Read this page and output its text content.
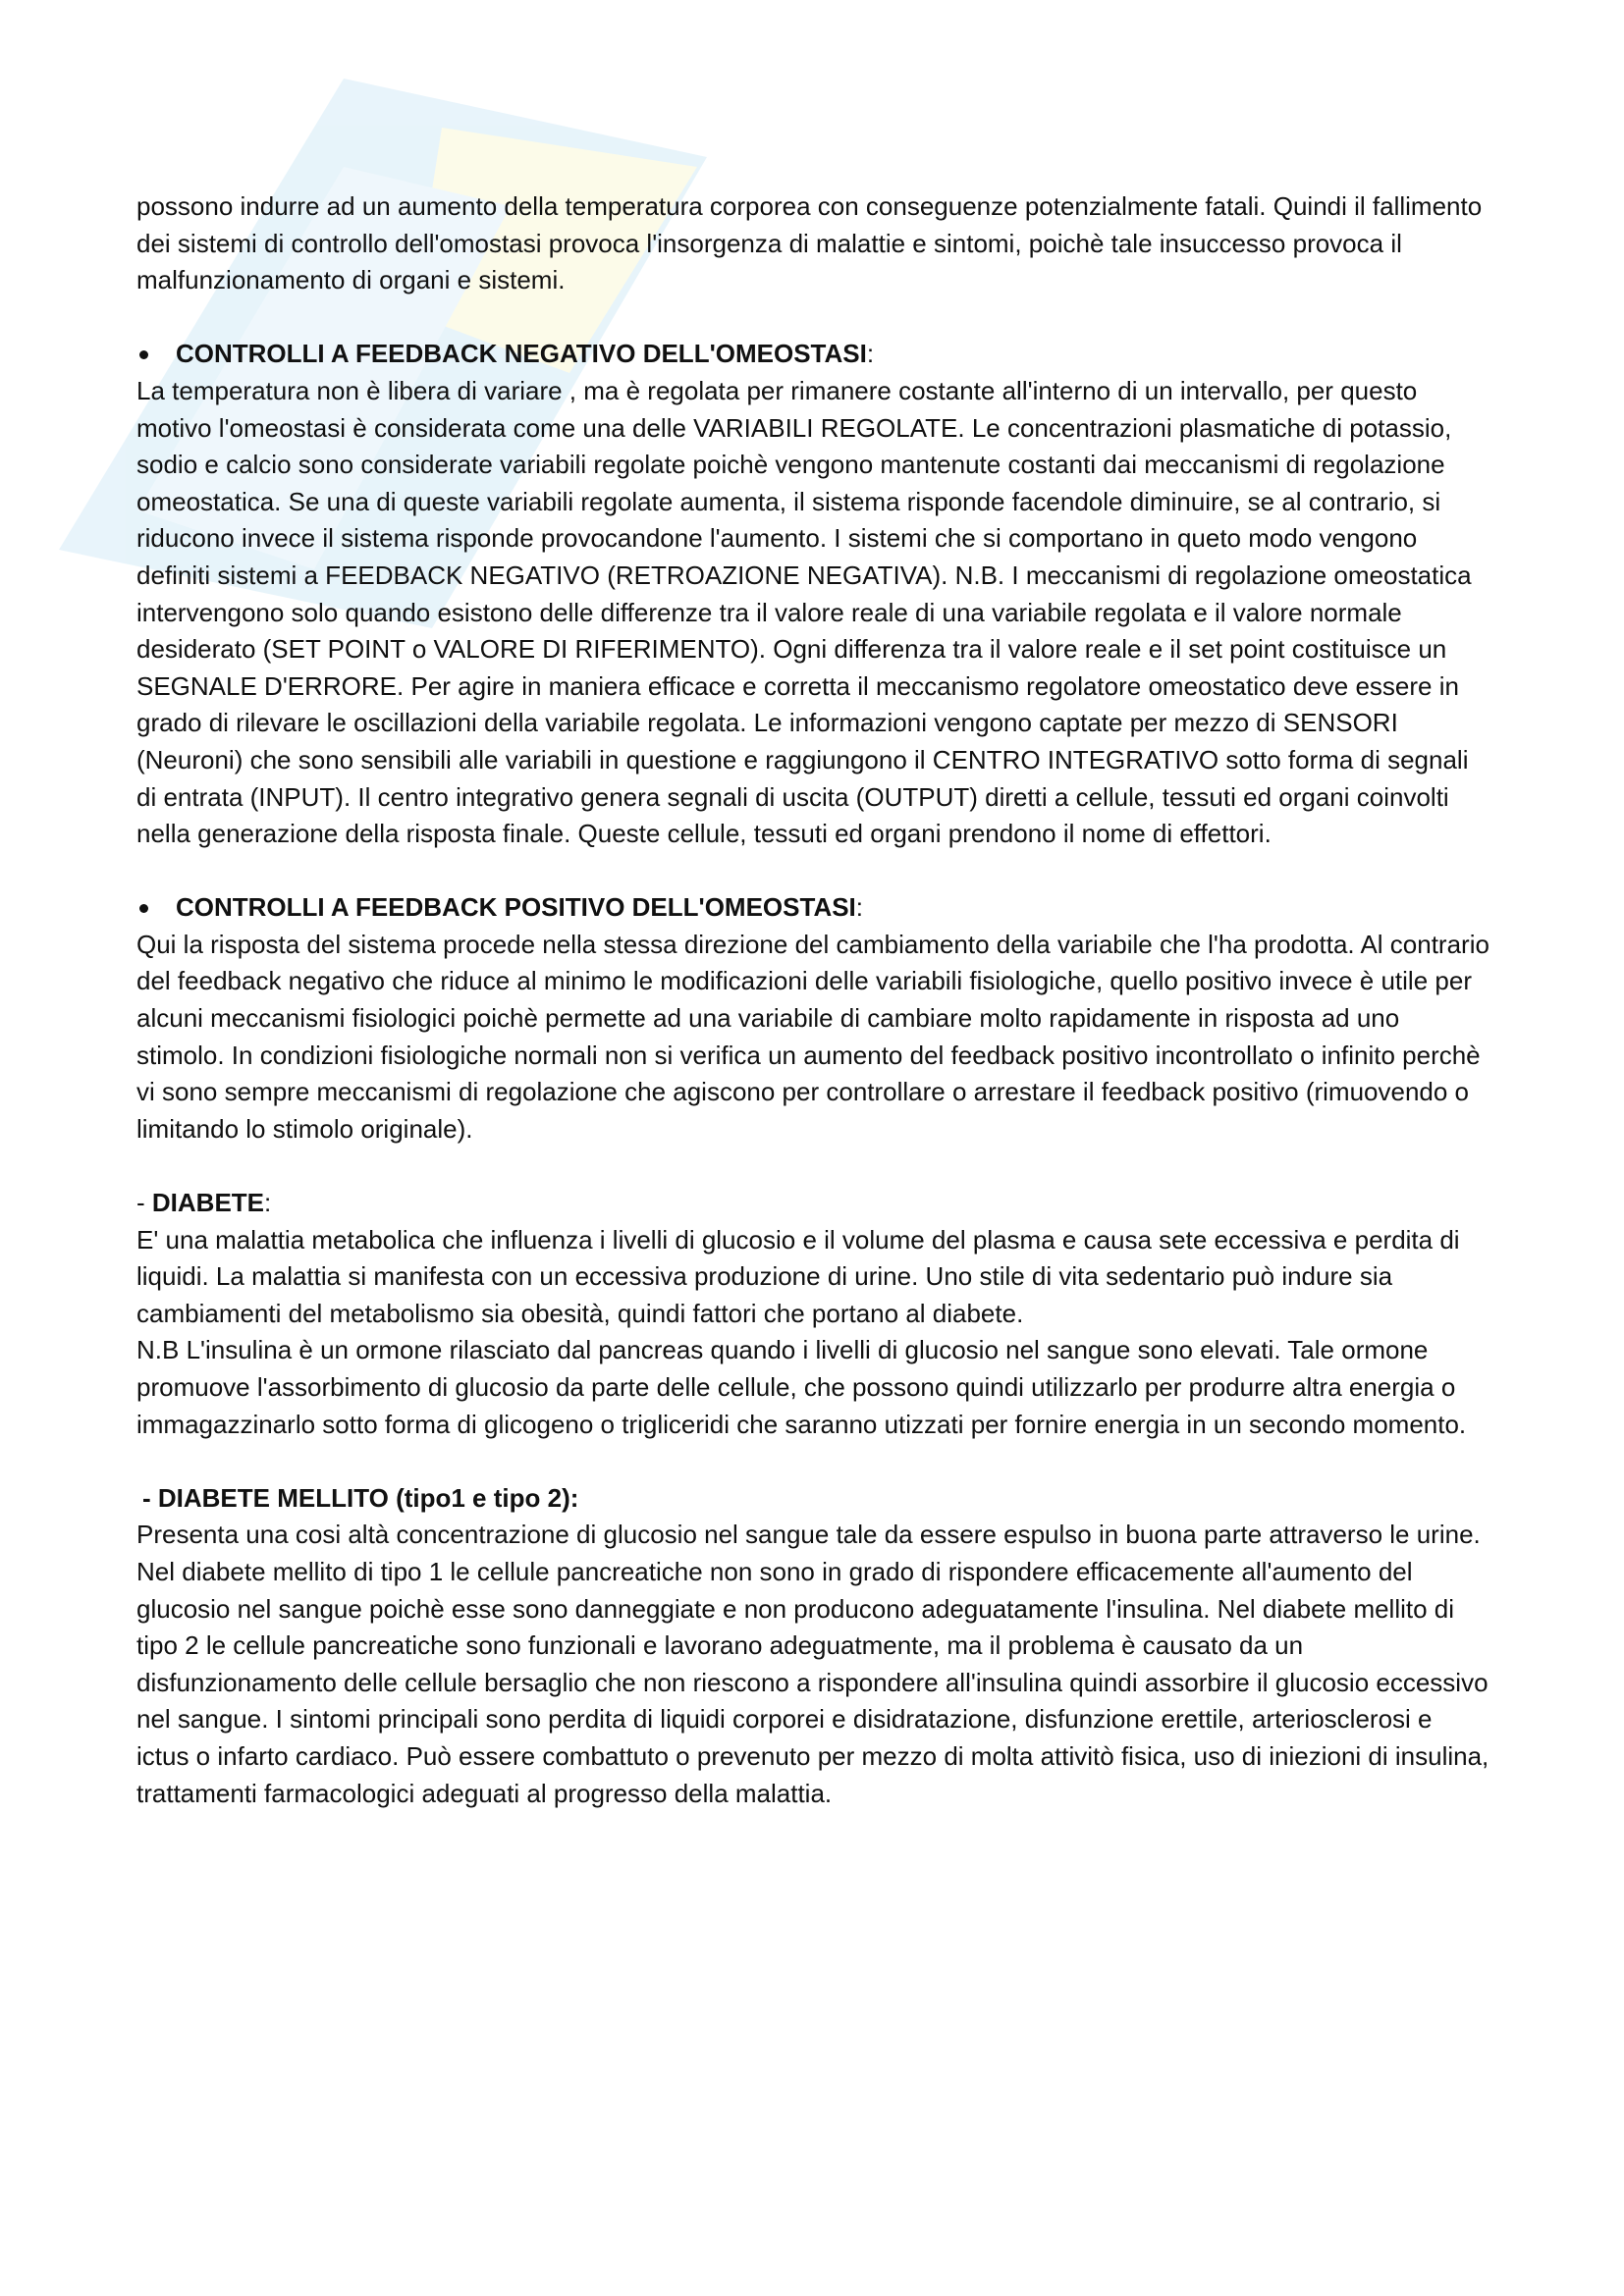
possono indurre ad un aumento della temperatura corporea con conseguenze potenzialmente fatali. Quindi il fallimento dei sistemi di controllo dell'omostasi provoca l'insorgenza di malattie e sintomi, poichè tale insuccesso provoca il malfunzionamento di organi e sistemi.

CONTROLLI A FEEDBACK NEGATIVO DELL'OMEOSTASI:

La temperatura non è libera di variare , ma è regolata per rimanere costante all'interno di un intervallo, per questo motivo l'omeostasi è considerata come una delle VARIABILI REGOLATE. Le concentrazioni plasmatiche di potassio, sodio e calcio sono considerate variabili regolate poichè vengono mantenute costanti dai meccanismi di regolazione omeostatica. Se una di queste variabili regolate aumenta, il sistema risponde facendole diminuire, se al contrario, si riducono invece il sistema risponde provocandone l'aumento. I sistemi che si comportano in queto modo vengono definiti sistemi a FEEDBACK NEGATIVO (RETROAZIONE NEGATIVA). N.B. I meccanismi di regolazione omeostatica intervengono solo quando esistono delle differenze tra il valore reale di una variabile regolata e il valore normale desiderato (SET POINT o VALORE DI RIFERIMENTO). Ogni differenza tra il valore reale e il set point costituisce un SEGNALE D'ERRORE. Per agire in maniera efficace e corretta il meccanismo regolatore omeostatico deve essere in grado di rilevare le oscillazioni della variabile regolata. Le informazioni vengono captate per mezzo di SENSORI (Neuroni) che sono sensibili alle variabili in questione e raggiungono il CENTRO INTEGRATIVO sotto forma di segnali di entrata (INPUT). Il centro integrativo genera segnali di uscita (OUTPUT) diretti a cellule, tessuti ed organi coinvolti nella generazione della risposta finale. Queste cellule, tessuti ed organi prendono il nome di effettori.

CONTROLLI A FEEDBACK POSITIVO DELL'OMEOSTASI:

Qui la risposta del sistema procede nella stessa direzione del cambiamento della variabile che l'ha prodotta. Al contrario del feedback negativo che riduce al minimo le modificazioni delle variabili fisiologiche, quello positivo invece è utile per alcuni meccanismi fisiologici poichè permette ad una variabile di cambiare molto rapidamente in risposta ad uno stimolo. In condizioni fisiologiche normali non si verifica un aumento del feedback positivo incontrollato o infinito perchè vi sono sempre meccanismi di regolazione che agiscono per controllare o arrestare il feedback positivo (rimuovendo o limitando lo stimolo originale).

- DIABETE:

E' una malattia metabolica che influenza i livelli di glucosio e il volume del plasma e causa sete eccessiva e perdita di liquidi. La malattia si manifesta con un eccessiva produzione di urine. Uno stile di vita sedentario può indure sia cambiamenti del metabolismo sia obesità, quindi fattori che portano al diabete.

N.B L'insulina è un ormone rilasciato dal pancreas quando i livelli di glucosio nel sangue sono elevati. Tale ormone promuove l'assorbimento di glucosio da parte delle cellule, che possono quindi utilizzarlo per produrre altra energia o immagazzinarlo sotto forma di glicogeno o trigliceridi che saranno utizzati per fornire energia in un secondo momento.

- DIABETE MELLITO (tipo1 e tipo 2):

Presenta una cosi altà concentrazione di glucosio nel sangue tale da essere espulso in buona parte attraverso le urine. Nel diabete mellito di tipo 1 le cellule pancreatiche non sono in grado di rispondere efficacemente all'aumento del glucosio nel sangue poichè esse sono danneggiate e non producono adeguatamente l'insulina. Nel diabete mellito di tipo 2 le cellule pancreatiche sono funzionali e lavorano adeguatmente, ma il problema è causato da un disfunzionamento delle cellule bersaglio che non riescono a rispondere all'insulina quindi assorbire il glucosio eccessivo nel sangue. I sintomi principali sono perdita di liquidi corporei e disidratazione, disfunzione erettile, arteriosclerosi e ictus o infarto cardiaco. Può essere combattuto o prevenuto per mezzo di molta attivitò fisica, uso di iniezioni di insulina, trattamenti farmacologici adeguati al progresso della malattia.
